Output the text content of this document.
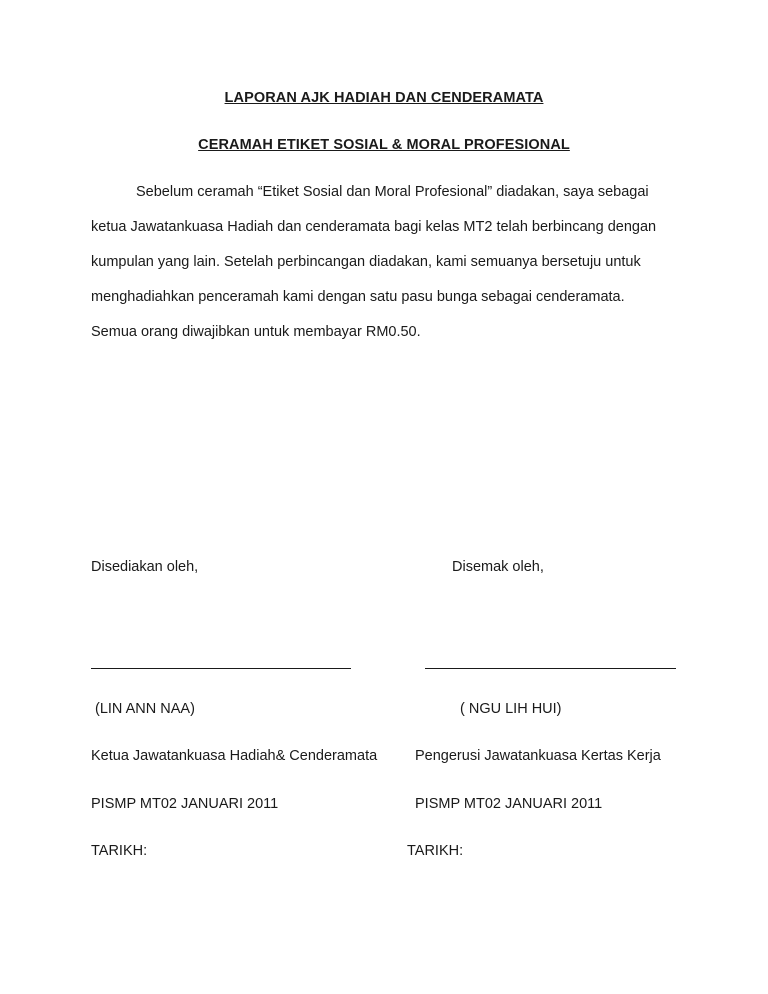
LAPORAN AJK HADIAH DAN CENDERAMATA
CERAMAH ETIKET SOSIAL & MORAL PROFESIONAL
Sebelum ceramah “Etiket Sosial dan Moral Profesional” diadakan, saya sebagai
ketua Jawatankuasa Hadiah dan cenderamata bagi kelas MT2 telah berbincang dengan
kumpulan yang lain. Setelah perbincangan diadakan, kami semuanya bersetuju untuk
menghadiahkan penceramah kami dengan satu pasu bunga sebagai cenderamata.
Semua orang diwajibkan untuk membayar RM0.50.
Disediakan oleh,
(LIN ANN NAA)
Ketua Jawatankuasa Hadiah& Cenderamata
PISMP MT02 JANUARI 2011
TARIKH:
Disemak oleh,
( NGU LIH HUI)
Pengerusi Jawatankuasa Kertas Kerja
PISMP MT02 JANUARI 2011
TARIKH:
